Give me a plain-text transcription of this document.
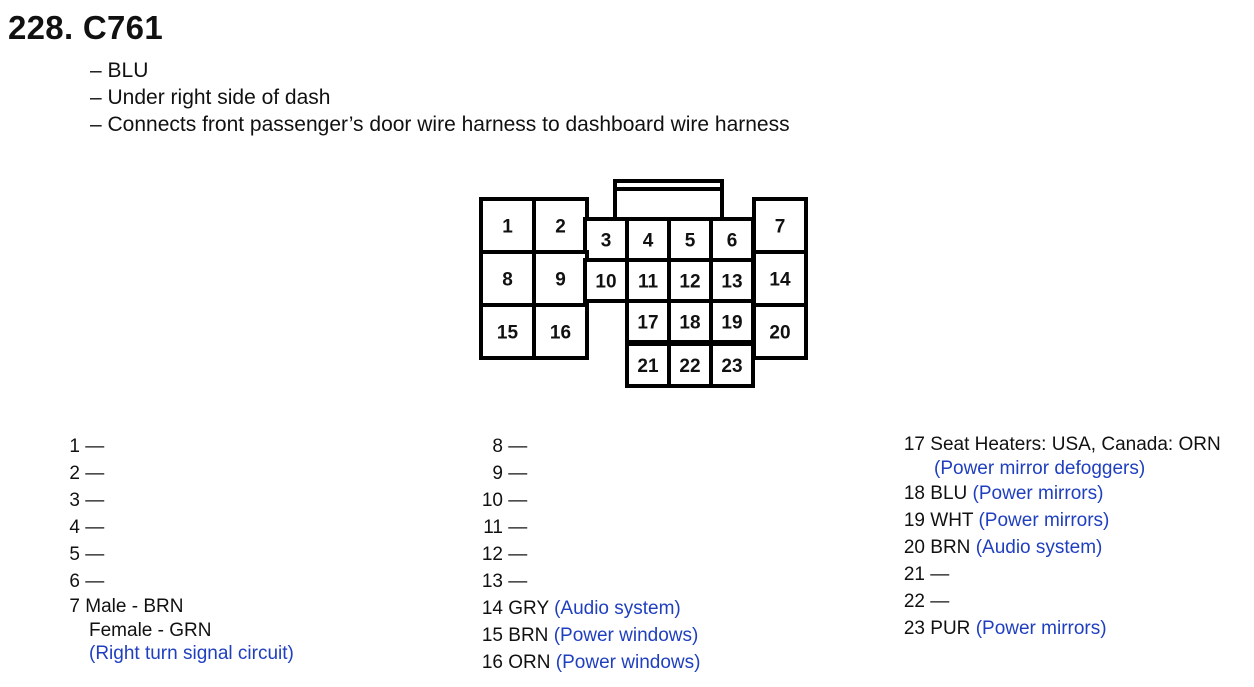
228. C761
– BLU
– Under right side of dash
– Connects front passenger’s door wire harness to dashboard wire harness
1 2
3 4 5 6
7
8 9 10 11 12 13 14
15 16	17 18 19 20
21 22 23
1 —
2 —
3 —
4 —
5 —
6 —
7 Male - BRN
Female - GRN
(Right turn signal circuit)
8 —
9 —
10 —
11 —
12 —
13 —
14 GRY (Audio system)
15 BRN (Power windows)
16 ORN (Power windows)
17 Seat Heaters: USA, Canada: ORN
(Power mirror defoggers)
18 BLU (Power mirrors)
19 WHT (Power mirrors)
20 BRN (Audio system)
21 —
22 —
23 PUR (Power mirrors)
